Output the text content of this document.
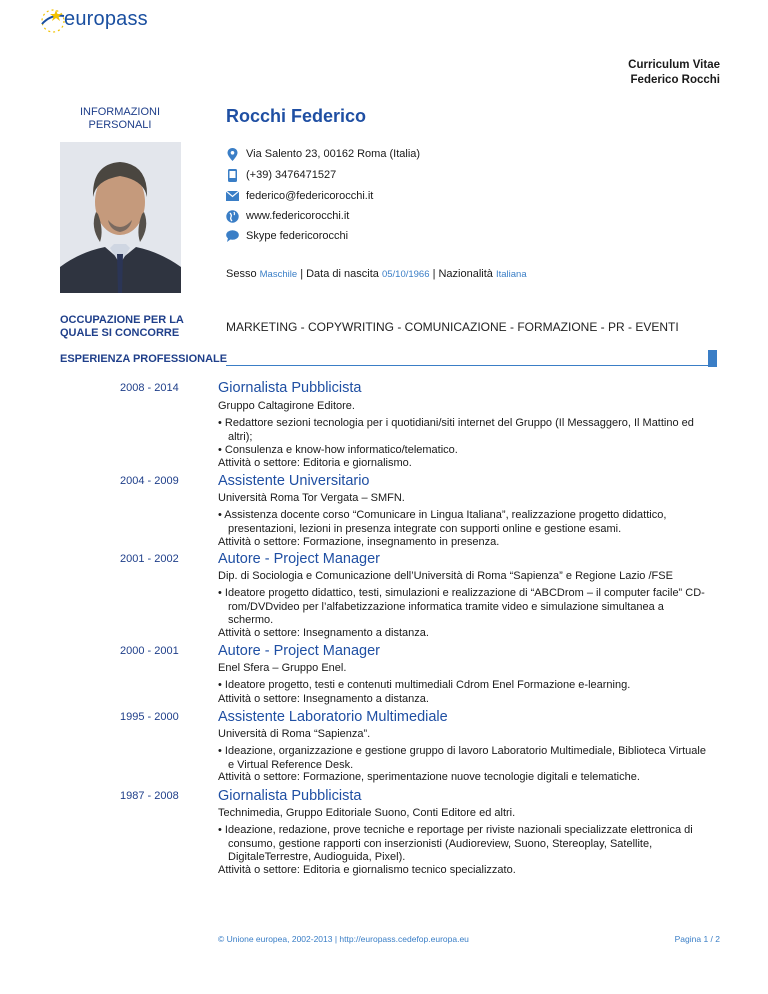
europass
Curriculum Vitae
Federico Rocchi
INFORMAZIONI PERSONALI	Rocchi Federico
Via Salento 23, 00162 Roma (Italia)
(+39) 3476471527
federico@federicorocchi.it
www.federicorocchi.it
Skype federicorocchi
Sesso Maschile | Data di nascita 05/10/1966 | Nazionalità Italiana
OCCUPAZIONE PER LA QUALE SI CONCORRE	MARKETING - COPYWRITING - COMUNICAZIONE - FORMAZIONE - PR - EVENTI
ESPERIENZA PROFESSIONALE
2008 - 2014	Giornalista Pubblicista
Gruppo Caltagirone Editore.
• Redattore sezioni tecnologia per i quotidiani/siti internet del Gruppo (Il Messaggero, Il Mattino ed altri);
• Consulenza e know-how informatico/telematico.
Attività o settore: Editoria e giornalismo.
2004 - 2009	Assistente Universitario
Università Roma Tor Vergata – SMFN.
• Assistenza docente corso “Comunicare in Lingua Italiana”, realizzazione progetto didattico, presentazioni, lezioni in presenza integrate con supporti online e gestione esami.
Attività o settore: Formazione, insegnamento in presenza.
2001 - 2002	Autore - Project Manager
Dip. di Sociologia e Comunicazione dell’Università di Roma “Sapienza” e Regione Lazio /FSE
• Ideatore progetto didattico, testi, simulazioni e realizzazione di “ABCDrom – il computer facile” CD-rom/DVDvideo per l’alfabetizzazione informatica tramite video e simulazione simultanea a schermo.
Attività o settore: Insegnamento a distanza.
2000 - 2001	Autore - Project Manager
Enel Sfera – Gruppo Enel.
• Ideatore progetto, testi e contenuti multimediali Cdrom Enel Formazione e-learning.
Attività o settore: Insegnamento a distanza.
1995 - 2000	Assistente Laboratorio Multimediale
Università di Roma “Sapienza”.
• Ideazione, organizzazione e gestione gruppo di lavoro Laboratorio Multimediale, Biblioteca Virtuale e Virtual Reference Desk.
Attività o settore: Formazione, sperimentazione nuove tecnologie digitali e telematiche.
1987 - 2008	Giornalista Pubblicista
Technimedia, Gruppo Editoriale Suono, Conti Editore ed altri.
• Ideazione, redazione, prove tecniche e reportage per riviste nazionali specializzate elettronica di consumo, gestione rapporti con inserzionisti (Audioreview, Suono, Stereoplay, Satellite, DigitaleTerrestre, Audioguida, Pixel).
Attività o settore: Editoria e giornalismo tecnico specializzato.
© Unione europea, 2002-2013 | http://europass.cedefop.europa.eu	Pagina 1 / 2
